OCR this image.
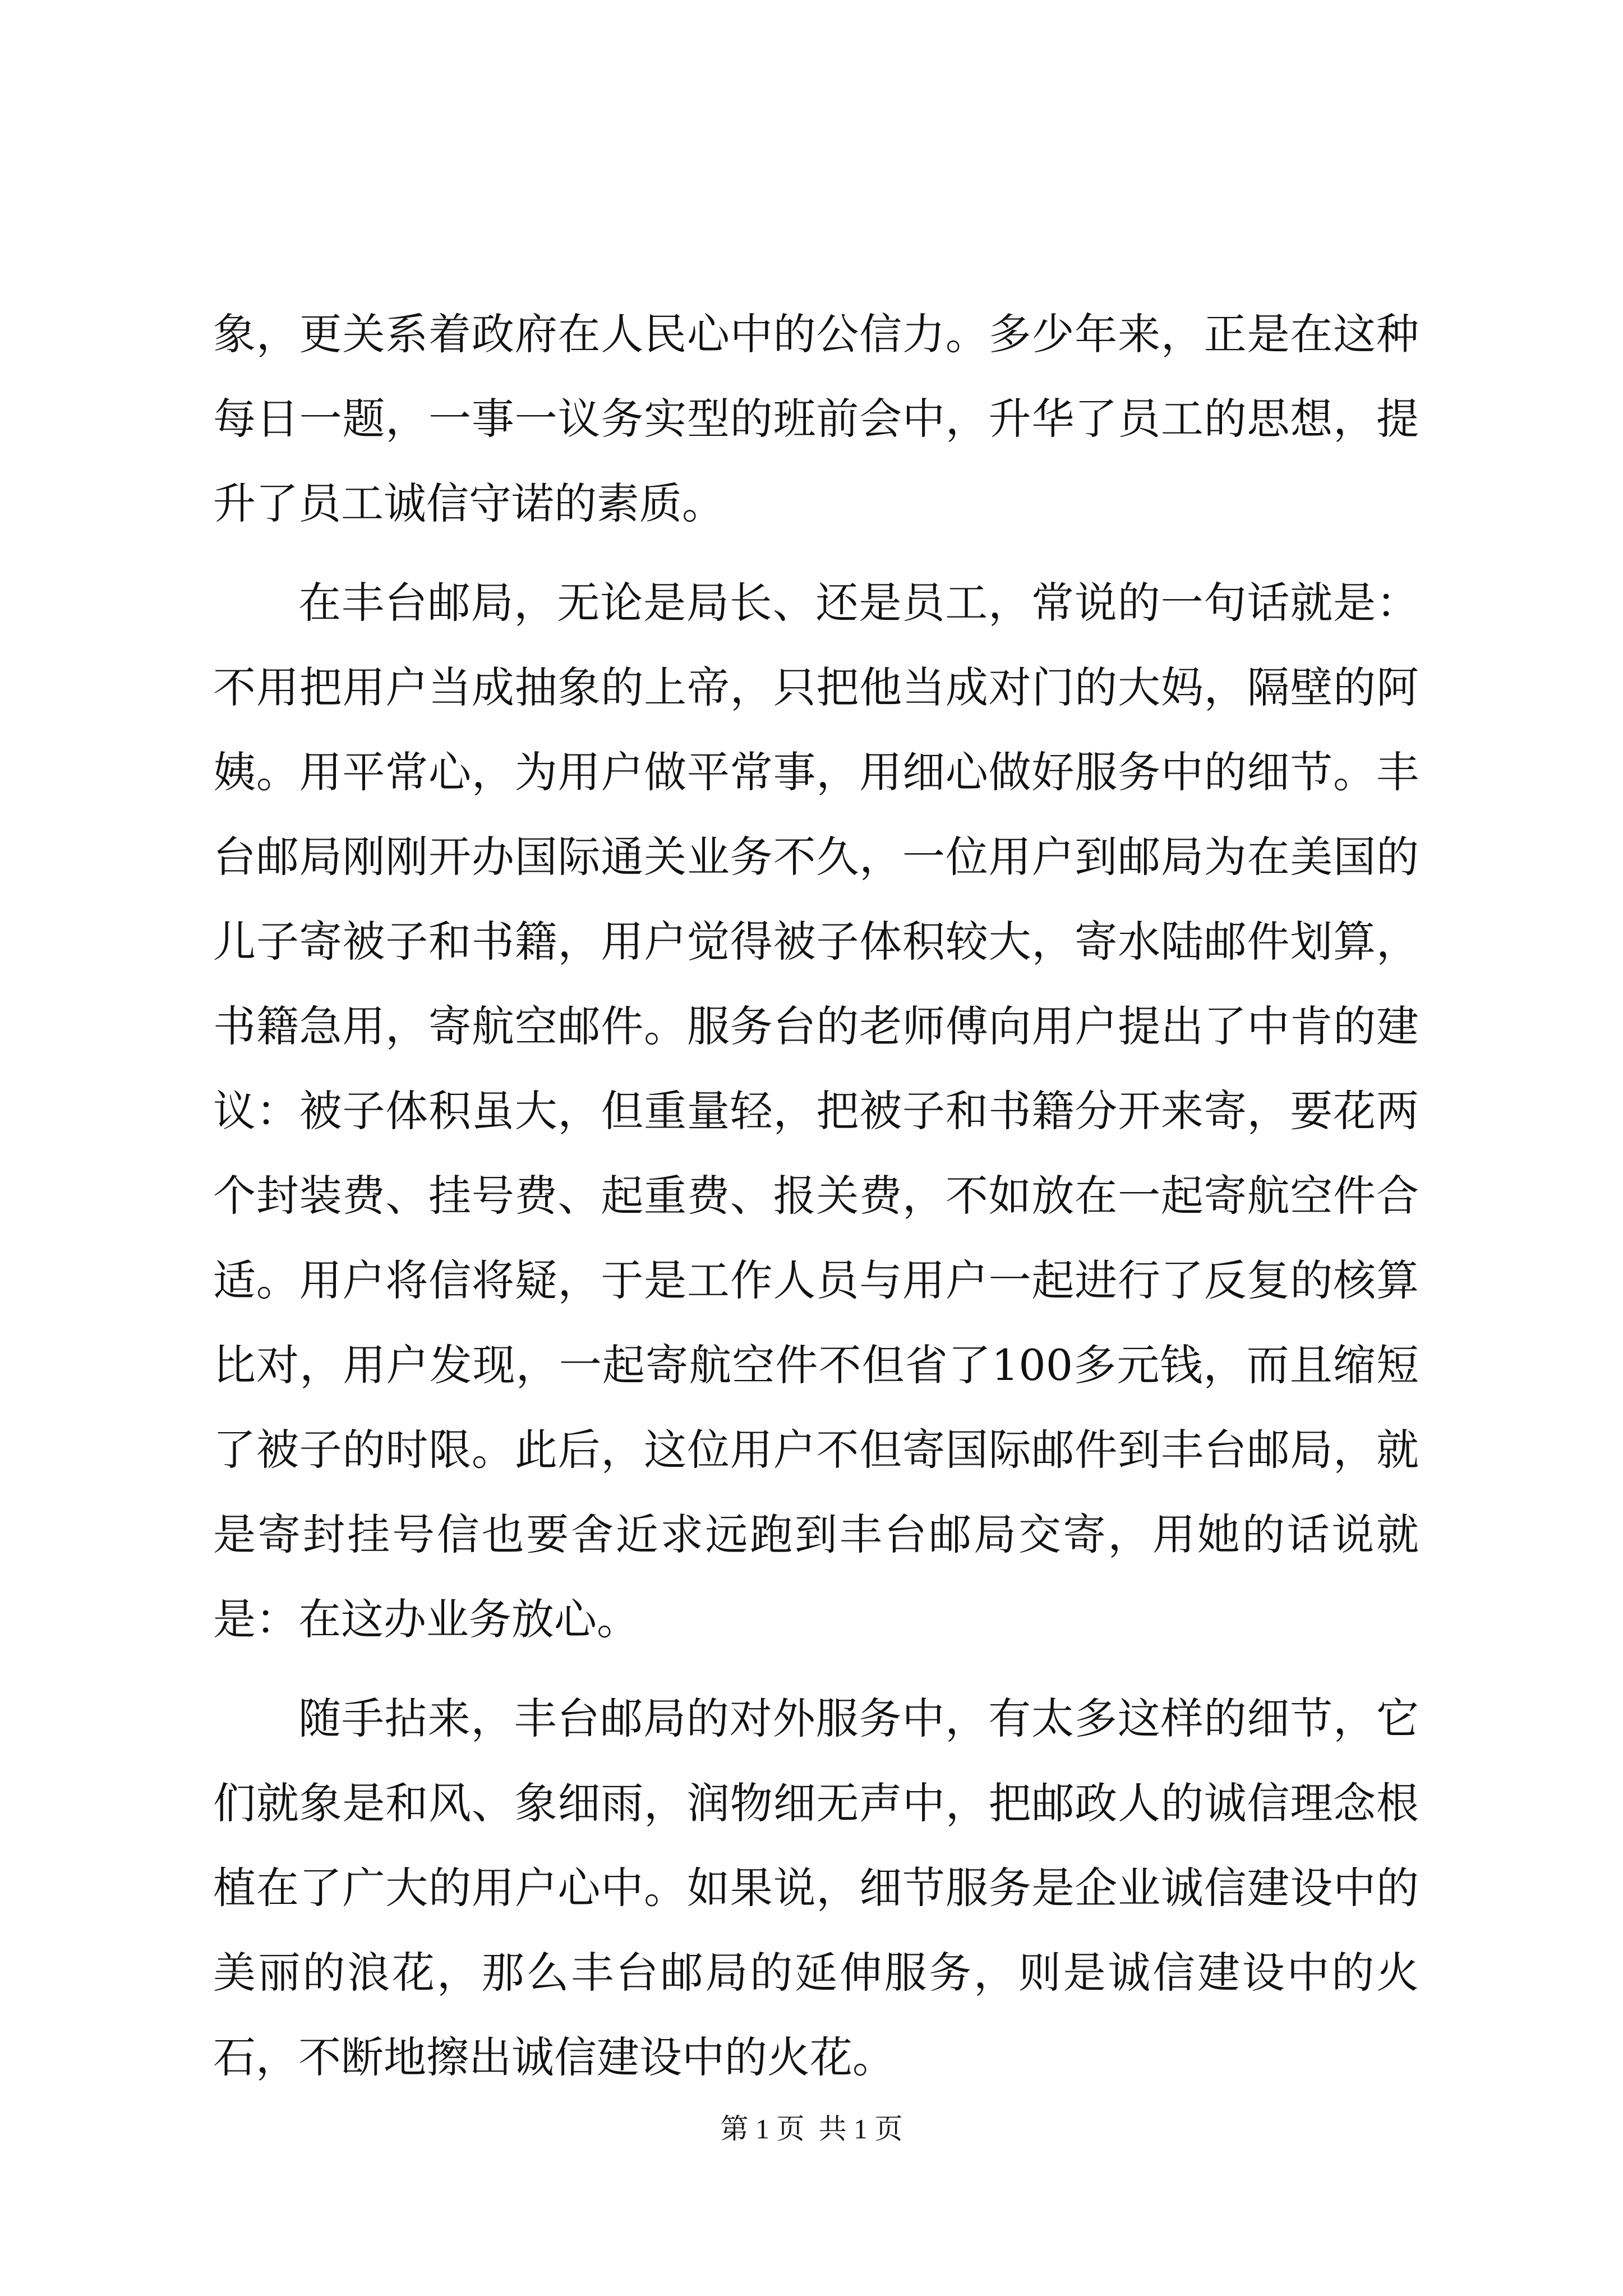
象，更关系着政府在人民心中的公信力。多少年来，正是在这种每日一题，一事一议务实型的班前会中，升华了员工的思想，提升了员工诚信守诺的素质。

在丰台邮局，无论是局长、还是员工，常说的一句话就是：不用把用户当成抽象的上帝，只把他当成对门的大妈，隔壁的阿姨。用平常心，为用户做平常事，用细心做好服务中的细节。丰台邮局刚刚开办国际通关业务不久，一位用户到邮局为在美国的儿子寄被子和书籍，用户觉得被子体积较大，寄水陆邮件划算，书籍急用，寄航空邮件。服务台的老师傅向用户提出了中肯的建议：被子体积虽大，但重量轻，把被子和书籍分开来寄，要花两个封装费、挂号费、起重费、报关费，不如放在一起寄航空件合适。用户将信将疑，于是工作人员与用户一起进行了反复的核算比对，用户发现，一起寄航空件不但省了100多元钱，而且缩短了被子的时限。此后，这位用户不但寄国际邮件到丰台邮局，就是寄封挂号信也要舍近求远跑到丰台邮局交寄，用她的话说就是：在这办业务放心。

随手拈来，丰台邮局的对外服务中，有太多这样的细节，它们就象是和风、象细雨，润物细无声中，把邮政人的诚信理念根植在了广大的用户心中。如果说，细节服务是企业诚信建设中的美丽的浪花，那么丰台邮局的延伸服务，则是诚信建设中的火石，不断地擦出诚信建设中的火花。

第 1 页  共 1 页
